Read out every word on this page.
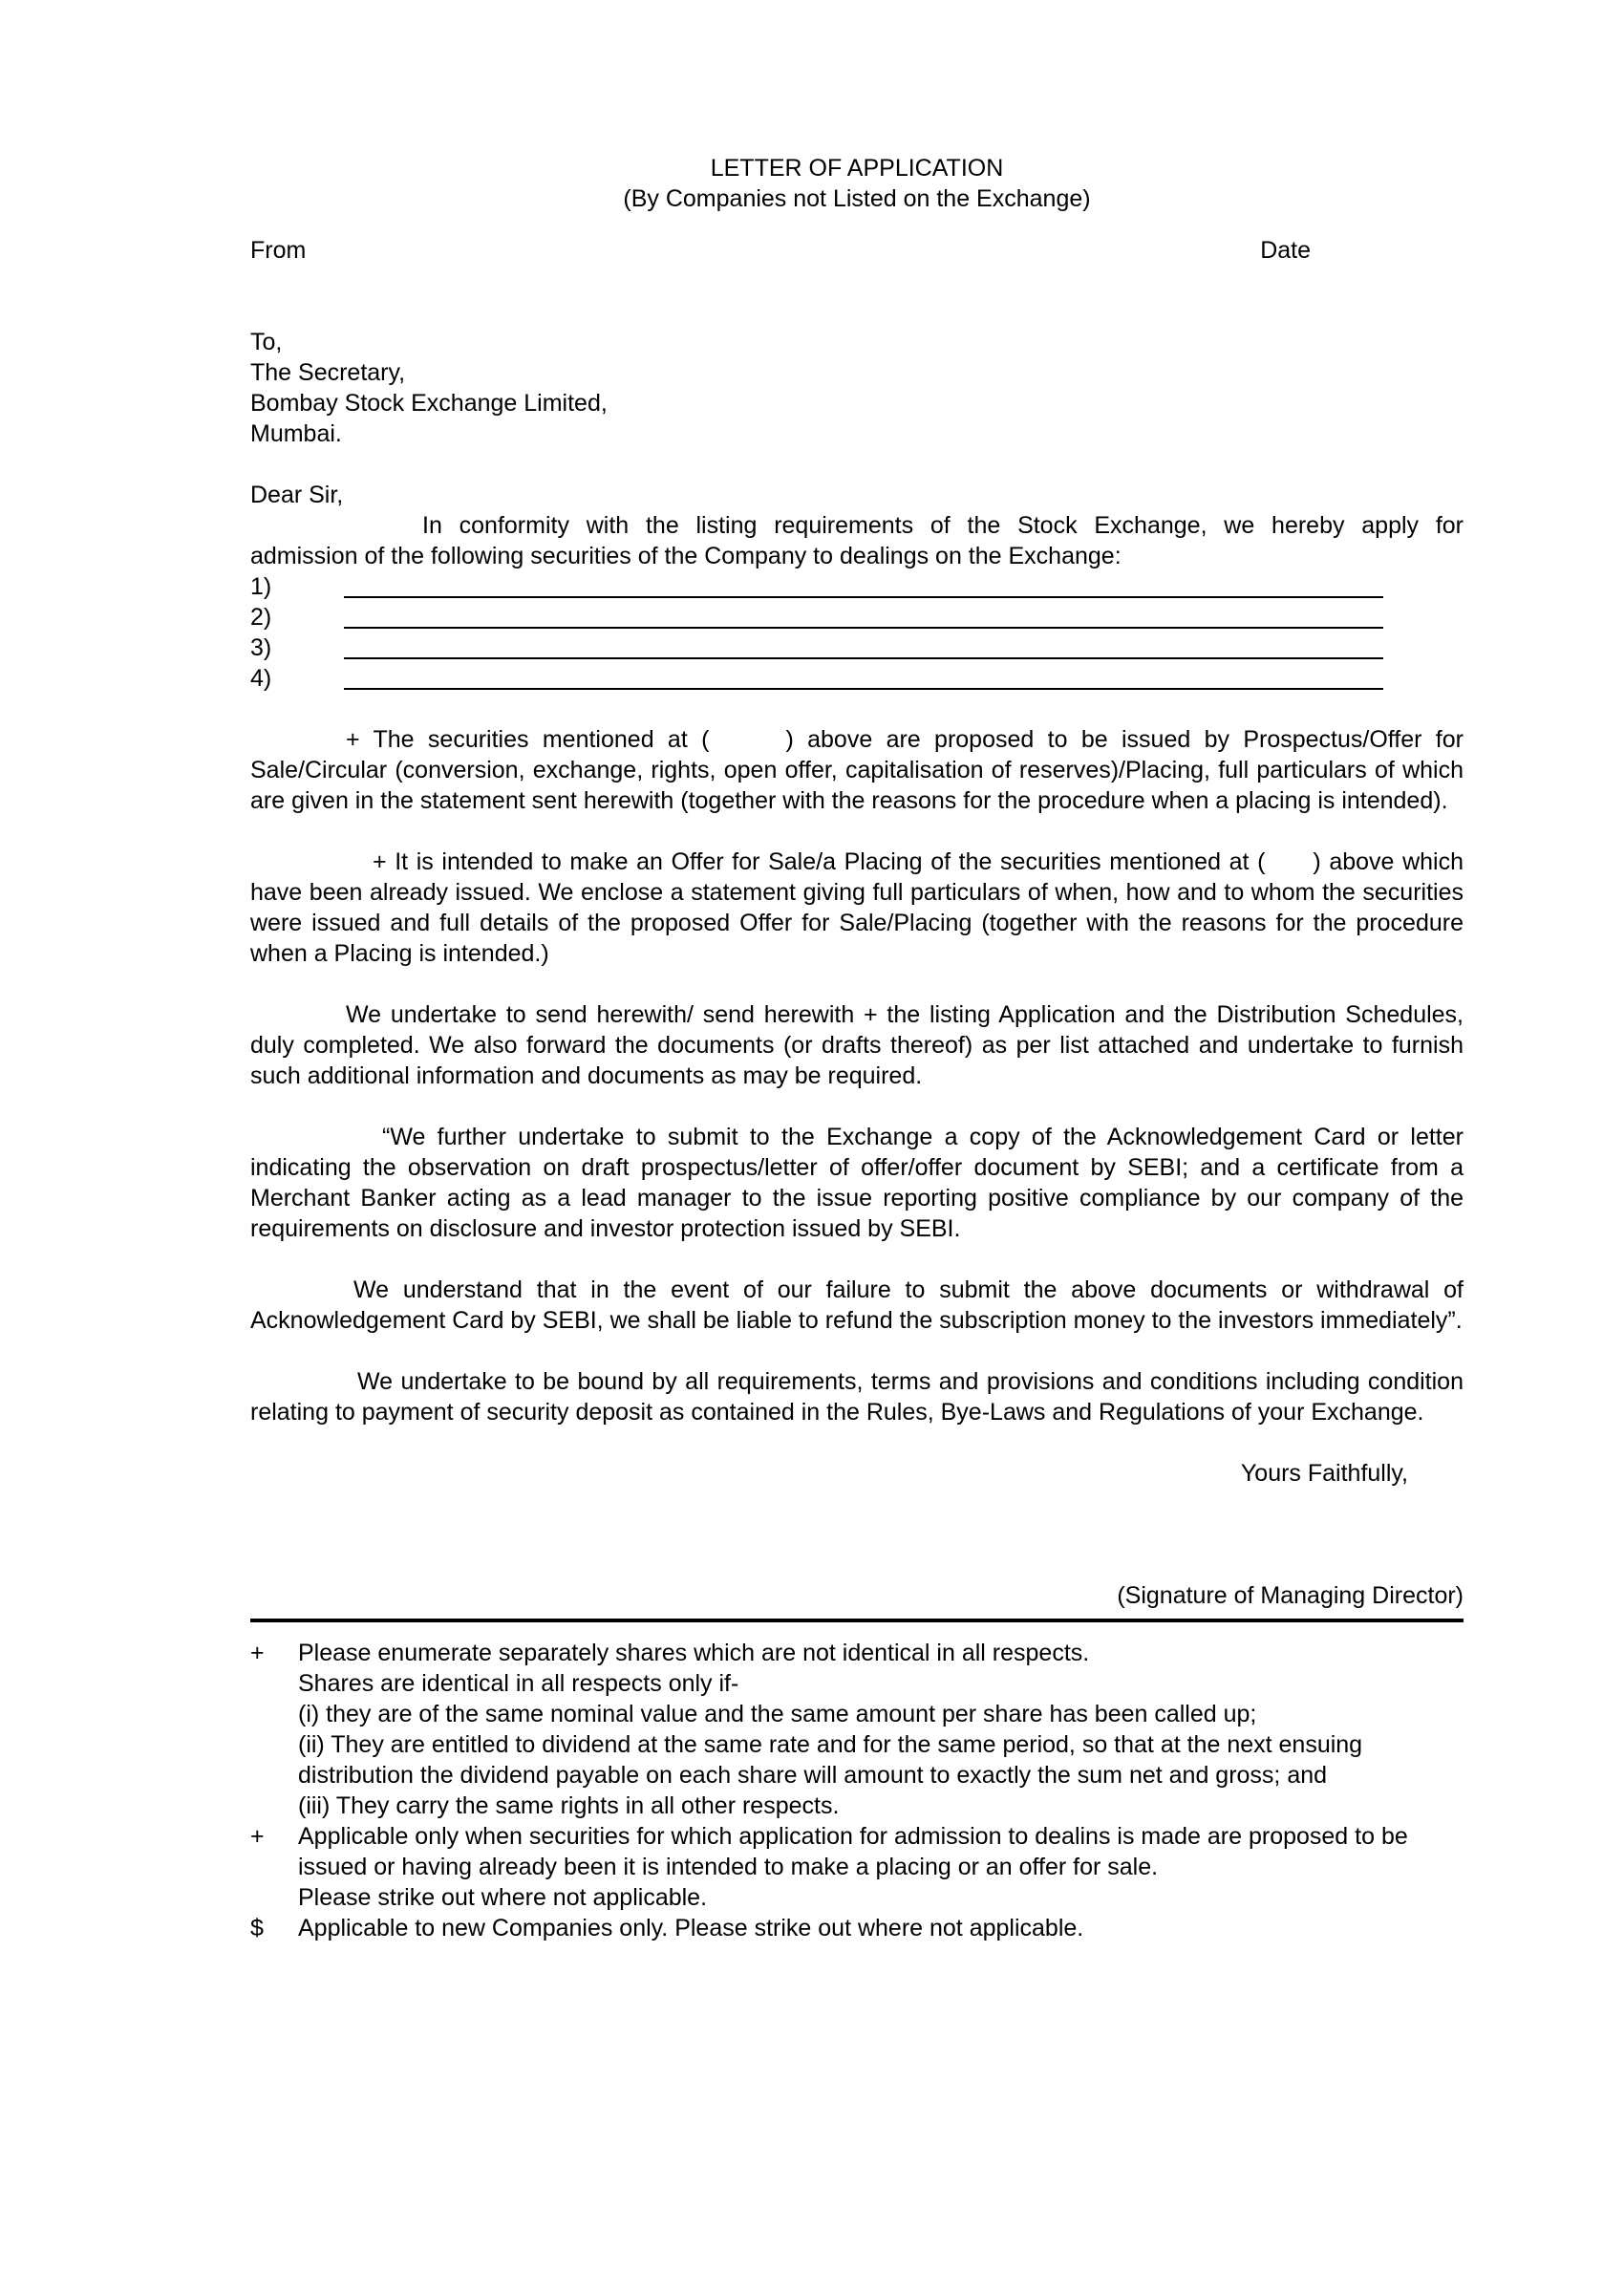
LETTER OF APPLICATION
(By Companies not Listed on the Exchange)
From	Date
To,
The Secretary,
Bombay Stock Exchange Limited,
Mumbai.
Dear Sir,
In conformity with the listing requirements of the Stock Exchange, we hereby apply for
admission of the following securities of the Company to dealings on the Exchange:
1)
2)
3)
4)

+ The securities mentioned at (	) above are proposed to be issued by Prospectus/Offer for Sale/Circular (conversion, exchange, rights, open offer, capitalisation of reserves)/Placing, full particulars of which are given in the statement sent herewith (together with the reasons for the procedure when a placing is intended).

+ It is intended to make an Offer for Sale/a Placing of the securities mentioned at ( ) above which have been already issued. We enclose a statement giving full particulars of when, how and to whom the securities were issued and full details of the proposed Offer for Sale/Placing (together with the reasons for the procedure when a Placing is intended.)

We undertake to send herewith/ send herewith + the listing Application and the Distribution Schedules, duly completed. We also forward the documents (or drafts thereof) as per list attached and undertake to furnish such additional information and documents as may be required.

“We further undertake to submit to the Exchange a copy of the Acknowledgement Card or letter indicating the observation on draft prospectus/letter of offer/offer document by SEBI; and a certificate from a Merchant Banker acting as a lead manager to the issue reporting positive compliance by our company of the requirements on disclosure and investor protection issued by SEBI.

We understand that in the event of our failure to submit the above documents or withdrawal of Acknowledgement Card by SEBI, we shall be liable to refund the subscription money to the investors immediately”.

We undertake to be bound by all requirements, terms and provisions and conditions including condition relating to payment of security deposit as contained in the Rules, Bye-Laws and Regulations of your Exchange.

Yours Faithfully,
(Signature of Managing Director)
+	Please enumerate separately shares which are not identical in all respects.
Shares are identical in all respects only if-
(i) they are of the same nominal value and the same amount per share has been called up;
(ii) They are entitled to dividend at the same rate and for the same period, so that at the next ensuing distribution the dividend payable on each share will amount to exactly the sum net and gross; and
(iii) They carry the same rights in all other respects.
+	Applicable only when securities for which application for admission to dealins is made are proposed to be issued or having already been it is intended to make a placing or an offer for sale.
Please strike out where not applicable.
$	Applicable to new Companies only. Please strike out where not applicable.
